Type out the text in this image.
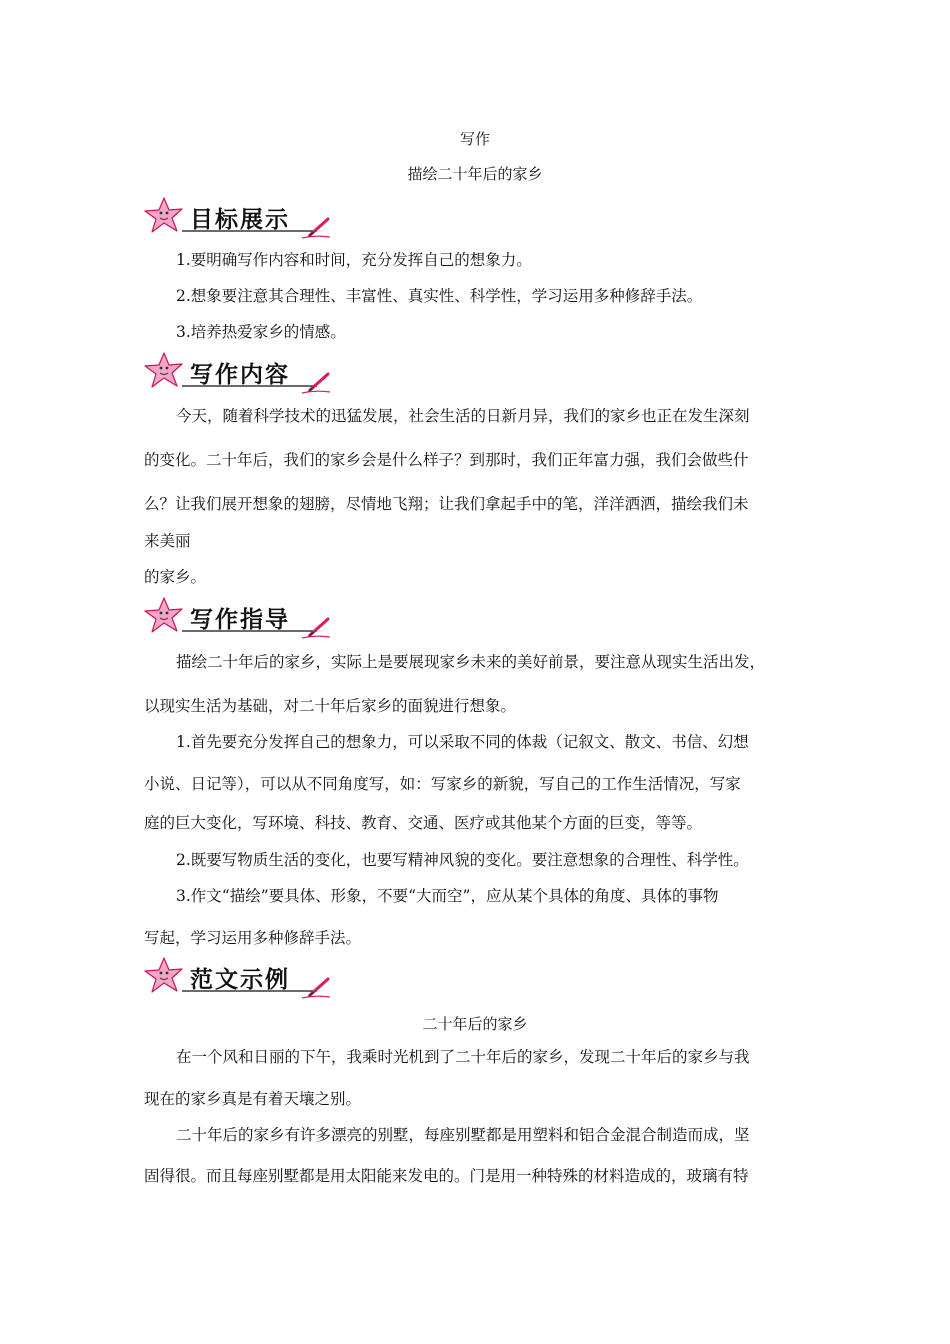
写作
描绘二十年后的家乡
目标展示
1.要明确写作内容和时间，充分发挥自己的想象力。
2.想象要注意其合理性、丰富性、真实性、科学性，学习运用多种修辞手法。
3.培养热爱家乡的情感。
写作内容
今天，随着科学技术的迅猛发展，社会生活的日新月异，我们的家乡也正在发生深刻
的变化。二十年后，我们的家乡会是什么样子？到那时，我们正年富力强，我们会做些什
么？让我们展开想象的翅膀，尽情地飞翔；让我们拿起手中的笔，洋洋洒洒，描绘我们未
来美丽
的家乡。
写作指导
描绘二十年后的家乡，实际上是要展现家乡未来的美好前景，要注意从现实生活出发，
以现实生活为基础，对二十年后家乡的面貌进行想象。
1.首先要充分发挥自己的想象力，可以采取不同的体裁（记叙文、散文、书信、幻想
小说、日记等），可以从不同角度写，如：写家乡的新貌，写自己的工作生活情况，写家
庭的巨大变化，写环境、科技、教育、交通、医疗或其他某个方面的巨变，等等。
2.既要写物质生活的变化，也要写精神风貌的变化。要注意想象的合理性、科学性。
3.作文“描绘”要具体、形象，不要“大而空”，应从某个具体的角度、具体的事物
写起，学习运用多种修辞手法。
范文示例
二十年后的家乡
在一个风和日丽的下午，我乘时光机到了二十年后的家乡，发现二十年后的家乡与我
现在的家乡真是有着天壤之别。
二十年后的家乡有许多漂亮的别墅，每座别墅都是用塑料和铝合金混合制造而成，坚
固得很。而且每座别墅都是用太阳能来发电的。门是用一种特殊的材料造成的，玻璃有特
